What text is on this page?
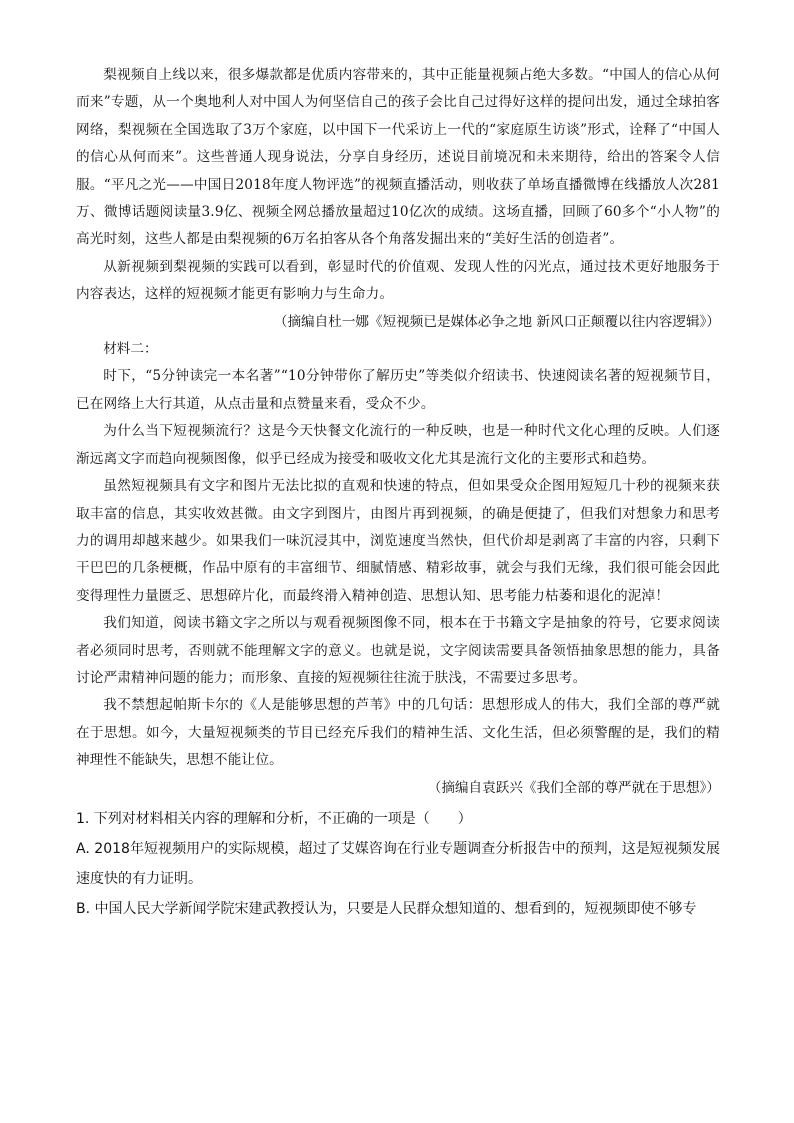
梨视频自上线以来，很多爆款都是优质内容带来的，其中正能量视频占绝大多数。“中国人的信心从何而来”专题，从一个奥地利人对中国人为何坚信自己的孩子会比自己过得好这样的提问出发，通过全球拍客网络，梨视频在全国选取了3万个家庭，以中国下一代采访上一代的“家庭原生访谈”形式，诠释了“中国人的信心从何而来”。这些普通人现身说法，分享自身经历，述说目前境况和未来期待，给出的答案令人信服。“平凡之光——中国日2018年度人物评选”的视频直播活动，则收获了单场直播微博在线播放人次281万、微博话题阅读量3.9亿、视频全网总播放量超过10亿次的成绩。这场直播，回顾了60多个“小人物”的高光时刻，这些人都是由梨视频的6万名拍客从各个角落发掘出来的“美好生活的创造者”。

从新视频到梨视频的实践可以看到，彰显时代的价值观、发现人性的闪光点，通过技术更好地服务于内容表达，这样的短视频才能更有影响力与生命力。

（摘编自杜一娜《短视频已是媒体必争之地 新风口正颠覆以往内容逻辑》）

材料二：

时下，“5分钟读完一本名著”“10分钟带你了解历史”等类似介绍读书、快速阅读名著的短视频节目，已在网络上大行其道，从点击量和点赞量来看，受众不少。

为什么当下短视频流行？这是今天快餐文化流行的一种反映，也是一种时代文化心理的反映。人们逐渐远离文字而趋向视频图像，似乎已经成为接受和吸收文化尤其是流行文化的主要形式和趋势。

虽然短视频具有文字和图片无法比拟的直观和快速的特点，但如果受众企图用短短几十秒的视频来获取丰富的信息，其实收效甚微。由文字到图片，由图片再到视频，的确是便捷了，但我们对想象力和思考力的调用却越来越少。如果我们一味沉浸其中，浏览速度当然快，但代价却是剥离了丰富的内容，只剩下干巴巴的几条梗概，作品中原有的丰富细节、细腻情感、精彩故事，就会与我们无缘，我们很可能会因此变得理性力量匮乏、思想碎片化，而最终滑入精神创造、思想认知、思考能力枯萎和退化的泥淖！

我们知道，阅读书籍文字之所以与观看视频图像不同，根本在于书籍文字是抽象的符号，它要求阅读者必须同时思考，否则就不能理解文字的意义。也就是说，文字阅读需要具备领悟抽象思想的能力，具备讨论严肃精神问题的能力；而形象、直接的短视频往往流于肤浅，不需要过多思考。

我不禁想起帕斯卡尔的《人是能够思想的芦苇》中的几句话：思想形成人的伟大，我们全部的尊严就在于思想。如今，大量短视频类的节目已经充斥我们的精神生活、文化生活，但必须警醒的是，我们的精神理性不能缺失，思想不能让位。

（摘编自袁跃兴《我们全部的尊严就在于思想》）

1. 下列对材料相关内容的理解和分析，不正确的一项是（　　）

A. 2018年短视频用户的实际规模，超过了艾媒咨询在行业专题调查分析报告中的预判，这是短视频发展速度快的有力证明。

B. 中国人民大学新闻学院宋建武教授认为，只要是人民群众想知道的、想看到的，短视频即使不够专
